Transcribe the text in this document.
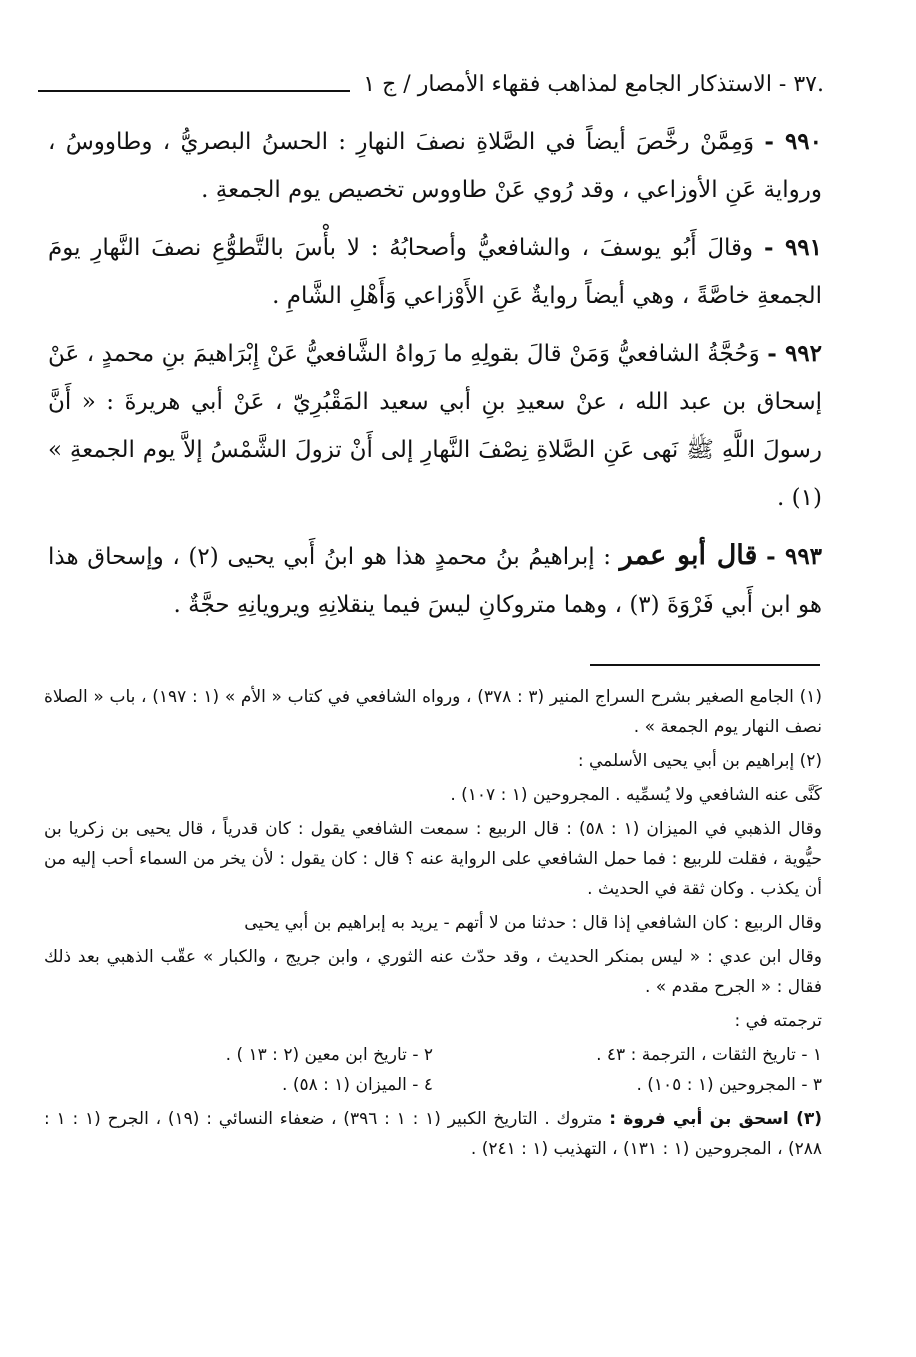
.٣٧ - الاستذكار الجامع لمذاهب فقهاء الأمصار / ج ١

٩٩٠ - وَمِمَّنْ رخَّصَ أيضاً في الصَّلاةِ نصفَ النهارِ : الحسنُ البصريُّ ، وطاووسُ ، ورواية عَنِ الأوزاعي ، وقد رُوي عَنْ طاووس تخصيص يوم الجمعةِ .

٩٩١ - وقالَ أَبُو يوسفَ ، والشافعيُّ وأصحابُهُ : لا بأْسَ بالتَّطوُّعِ نصفَ النَّهارِ يومَ الجمعةِ خاصَّةً ، وهي أيضاً روايةٌ عَنِ الأَوْزاعي وَأَهْلِ الشَّامِ .

٩٩٢ - وَحُجَّةُ الشافعيُّ وَمَنْ قالَ بقولِهِ ما رَواهُ الشَّافعيُّ عَنْ إِبْرَاهيمَ بنِ محمدٍ ، عَنْ إسحاق بن عبد الله ، عنْ سعيدِ بنِ أبي سعيد المَقْبُرِيّ ، عَنْ أبي هريرةَ : « أَنَّ رسولَ اللَّهِ ﷺ نَهى عَنِ الصَّلاةِ نِصْفَ النَّهارِ إلى أَنْ تزولَ الشَّمْسُ إلاَّ يوم الجمعةِ » (١) .

٩٩٣ - قال أبو عمر : إبراهيمُ بنُ محمدٍ هذا هو ابنُ أَبي يحيى (٢) ، وإسحاق هذا هو ابن أَبي فَرْوَةَ (٣) ، وهما متروكانِ ليسَ فيما ينقلانِهِ ويرويانِهِ حجَّةٌ .

(١) الجامع الصغير بشرح السراج المنير (٣ : ٣٧٨) ، ورواه الشافعي في كتاب « الأم » (١ : ١٩٧) ، باب « الصلاة نصف النهار يوم الجمعة » .

(٢) إبراهيم بن أبي يحيى الأسلمي :

كَنَّى عنه الشافعي ولا يُسمِّيه . المجروحين (١ : ١٠٧) .

وقال الذهبي في الميزان (١ : ٥٨) : قال الربيع : سمعت الشافعي يقول : كان قدرياً ، قال يحيى بن زكريا بن حيُّوية ، فقلت للربيع : فما حمل الشافعي على الرواية عنه ؟ قال : كان يقول : لأن يخر من السماء أحب إليه من أن يكذب . وكان ثقة في الحديث .

وقال الربيع : كان الشافعي إذا قال : حدثنا من لا أتهم - يريد به إبراهيم بن أبي يحيى

وقال ابن عدي : « ليس بمنكر الحديث ، وقد حدّث عنه الثوري ، وابن جريج ، والكبار » عقّب الذهبي بعد ذلك فقال : « الجرح مقدم » .

ترجمته في :

١ - تاريخ الثقات ، الترجمة : ٤٣ .
٢ - تاريخ ابن معين (٢ : ١٣ ) .
٣ - المجروحين (١ : ١٠٥) .
٤ - الميزان (١ : ٥٨) .

(٣) اسحق بن أبي فروة : متروك . التاريخ الكبير (١ : ١ : ٣٩٦) ، ضعفاء النسائي : (١٩) ، الجرح (١ : ١ : ٢٨٨) ، المجروحين (١ : ١٣١) ، التهذيب (١ : ٢٤١) .
